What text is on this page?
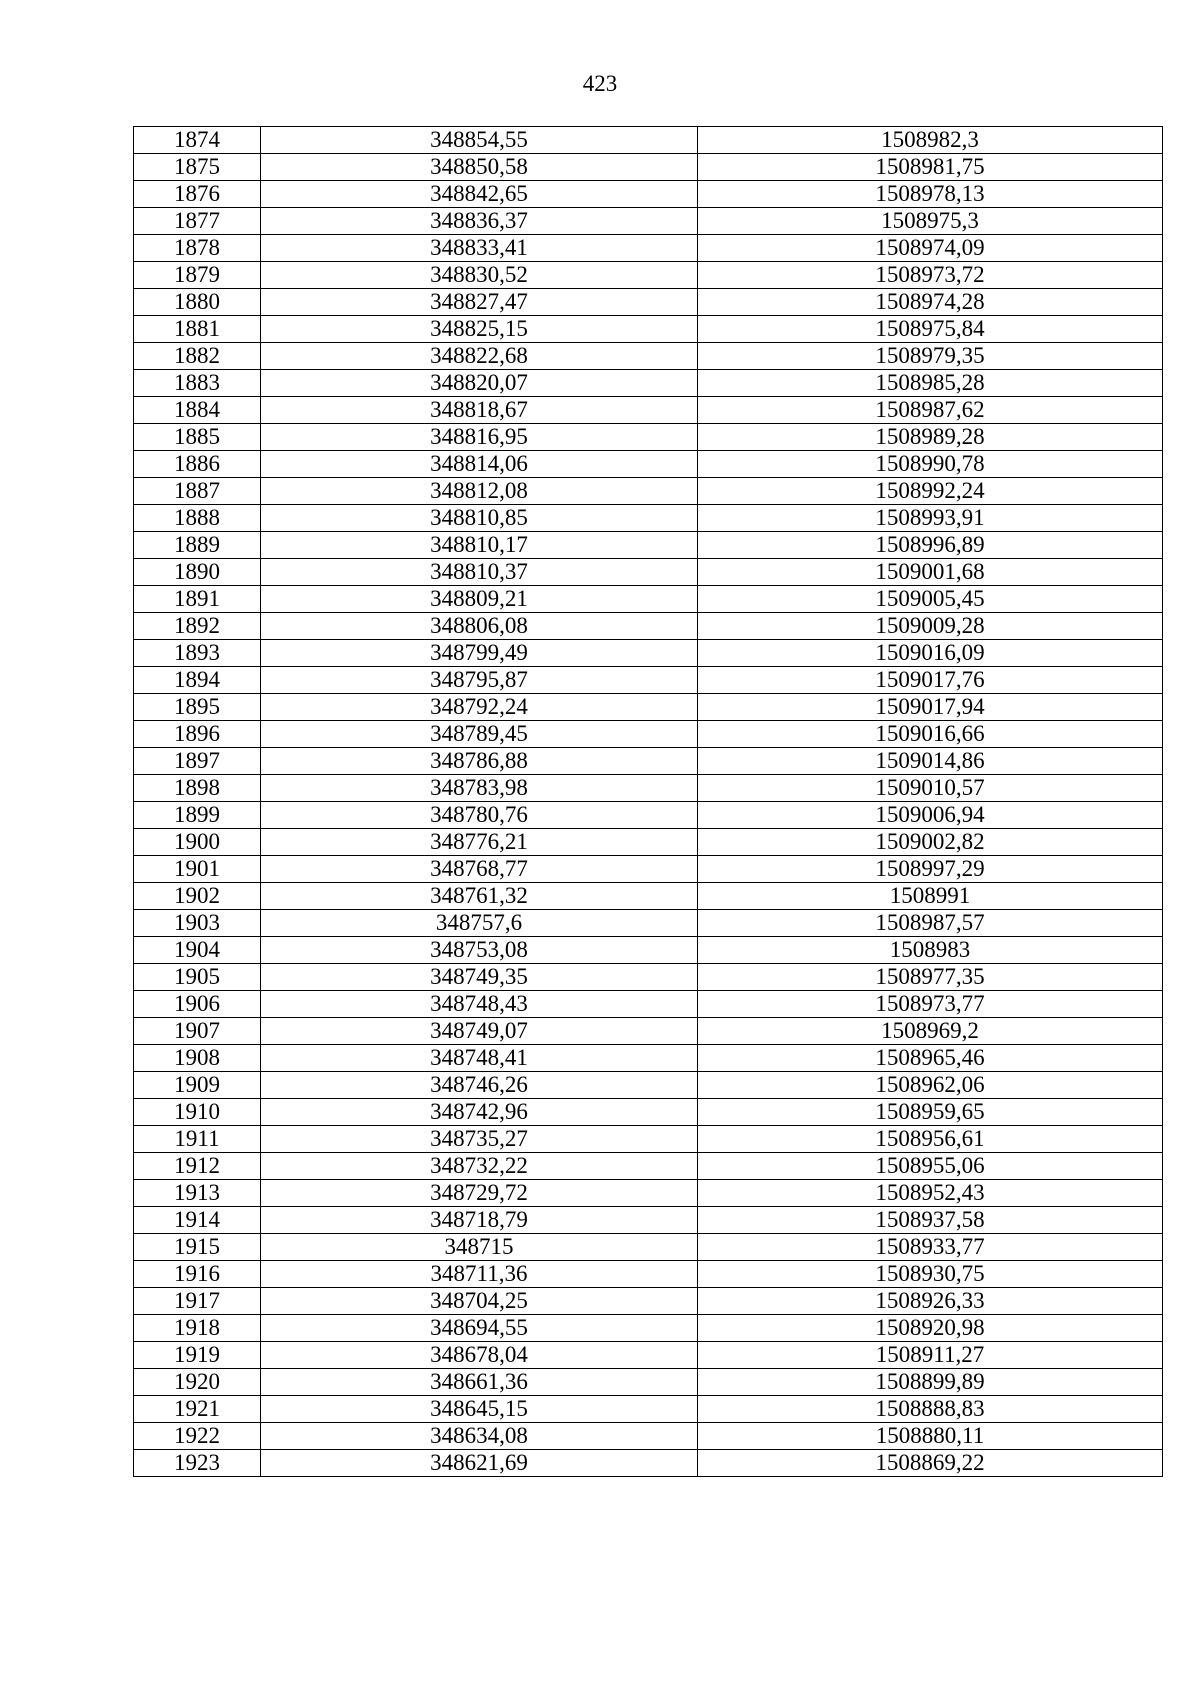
423
1874	348854,55	1508982,3
1875	348850,58	1508981,75
1876	348842,65	1508978,13
1877	348836,37	1508975,3
1878	348833,41	1508974,09
1879	348830,52	1508973,72
1880	348827,47	1508974,28
1881	348825,15	1508975,84
1882	348822,68	1508979,35
1883	348820,07	1508985,28
1884	348818,67	1508987,62
1885	348816,95	1508989,28
1886	348814,06	1508990,78
1887	348812,08	1508992,24
1888	348810,85	1508993,91
1889	348810,17	1508996,89
1890	348810,37	1509001,68
1891	348809,21	1509005,45
1892	348806,08	1509009,28
1893	348799,49	1509016,09
1894	348795,87	1509017,76
1895	348792,24	1509017,94
1896	348789,45	1509016,66
1897	348786,88	1509014,86
1898	348783,98	1509010,57
1899	348780,76	1509006,94
1900	348776,21	1509002,82
1901	348768,77	1508997,29
1902	348761,32	1508991
1903	348757,6	1508987,57
1904	348753,08	1508983
1905	348749,35	1508977,35
1906	348748,43	1508973,77
1907	348749,07	1508969,2
1908	348748,41	1508965,46
1909	348746,26	1508962,06
1910	348742,96	1508959,65
1911	348735,27	1508956,61
1912	348732,22	1508955,06
1913	348729,72	1508952,43
1914	348718,79	1508937,58
1915	348715	1508933,77
1916	348711,36	1508930,75
1917	348704,25	1508926,33
1918	348694,55	1508920,98
1919	348678,04	1508911,27
1920	348661,36	1508899,89
1921	348645,15	1508888,83
1922	348634,08	1508880,11
1923	348621,69	1508869,22
